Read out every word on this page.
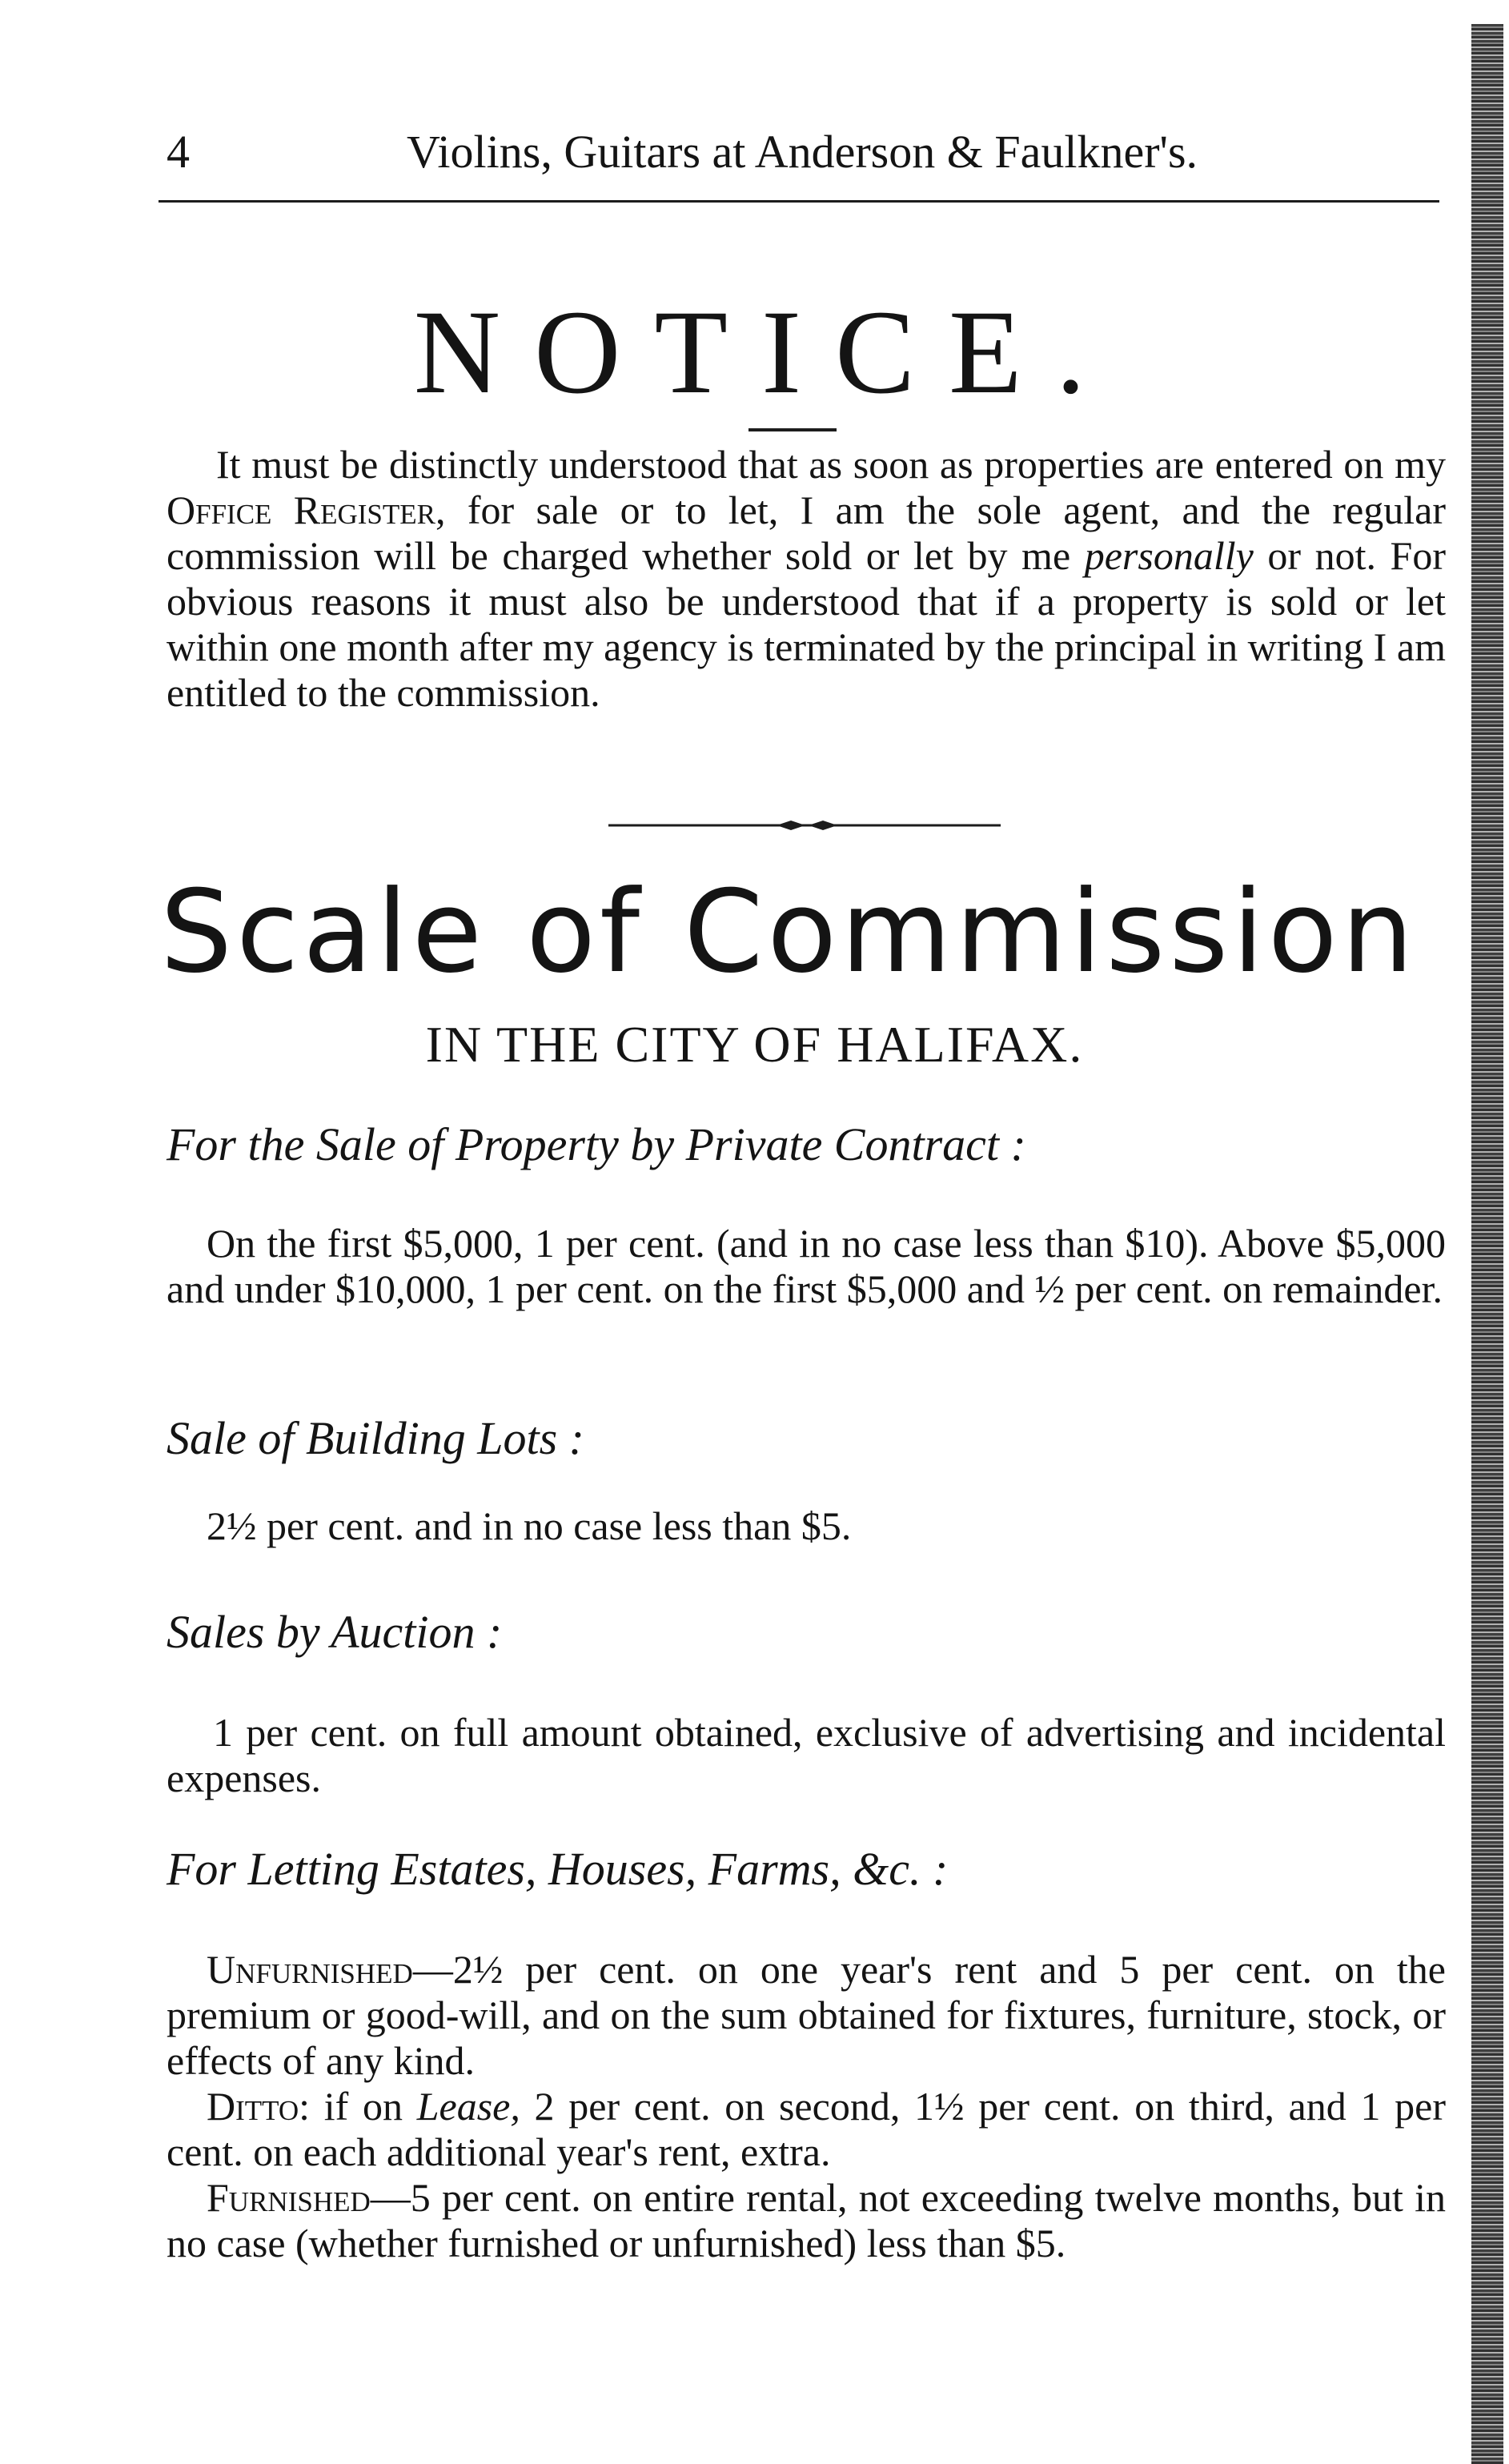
4	Violins, Guitars at Anderson & Faulkner's.
NOTICE.

It must be distinctly understood that as soon as properties are entered on my Office Register, for sale or to let, I am the sole agent, and the regular commission will be charged whether sold or let by me personally or not. For obvious reasons it must also be understood that if a property is sold or let within one month after my agency is terminated by the principal in writing I am entitled to the commission.

Scale of Commission
IN THE CITY OF HALIFAX.
For the Sale of Property by Private Contract :

On the first $5,000, 1 per cent. (and in no case less than $10). Above $5,000 and under $10,000, 1 per cent. on the first $5,000 and ½ per cent. on remainder.

Sale of Building Lots :

2½ per cent. and in no case less than $5.

Sales by Auction :

1 per cent. on full amount obtained, exclusive of advertising and incidental expenses.

For Letting Estates, Houses, Farms, &c. :

Unfurnished—2½ per cent. on one year's rent and 5 per cent. on the premium or good-will, and on the sum obtained for fixtures, furniture, stock, or effects of any kind.

Ditto: if on Lease, 2 per cent. on second, 1½ per cent. on third, and 1 per cent. on each additional year's rent, extra.

Furnished—5 per cent. on entire rental, not exceeding twelve months, but in no case (whether furnished or unfurnished) less than $5.
